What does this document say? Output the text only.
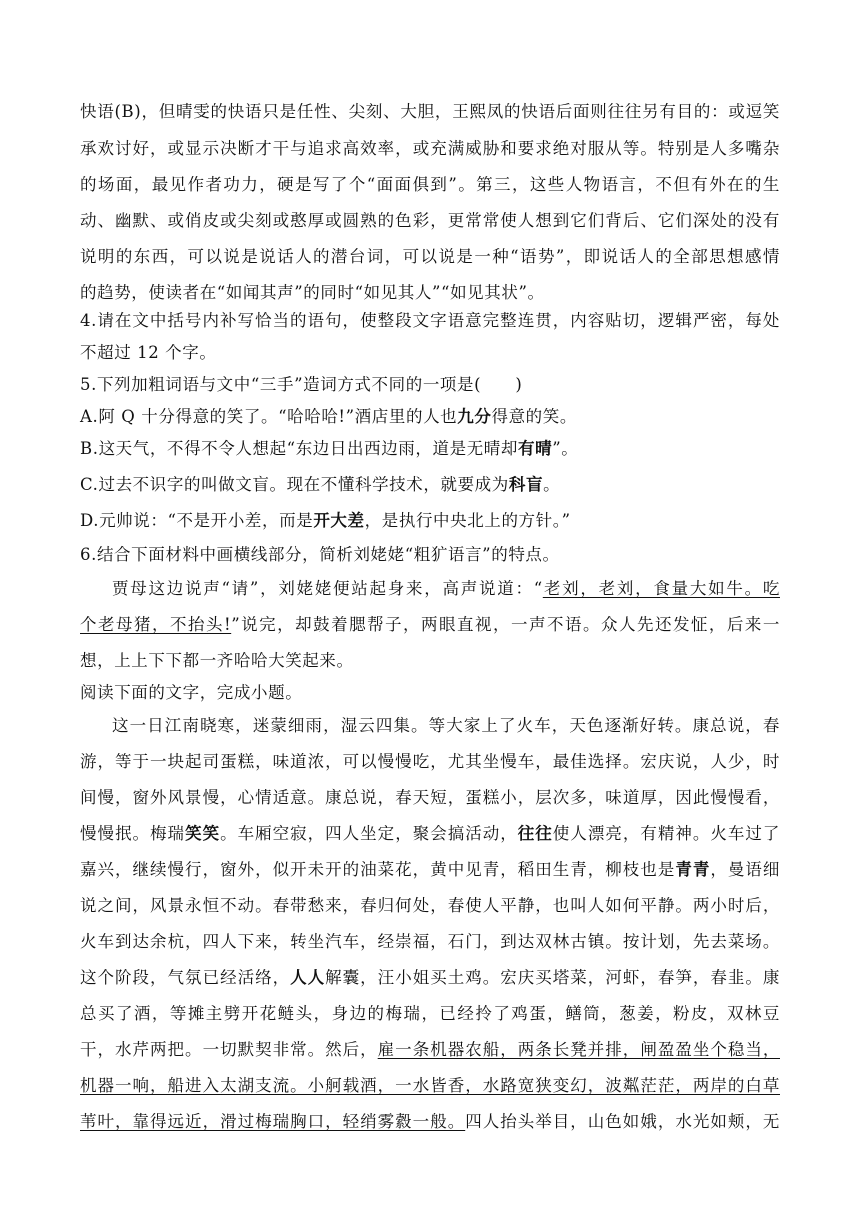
快语(B)，但晴雯的快语只是任性、尖刻、大胆，王熙凤的快语后面则往往另有目的：或逗笑
承欢讨好，或显示决断才干与追求高效率，或充满威胁和要求绝对服从等。特别是人多嘴杂
的场面，最见作者功力，硬是写了个“面面俱到”。第三，这些人物语言，不但有外在的生
动、幽默、或俏皮或尖刻或憨厚或圆熟的色彩，更常常使人想到它们背后、它们深处的没有
说明的东西，可以说是说话人的潜台词，可以说是一种“语势”，即说话人的全部思想感情
的趋势，使读者在“如闻其声”的同时“如见其人”“如见其状”。
4.请在文中括号内补写恰当的语句，使整段文字语意完整连贯，内容贴切，逻辑严密，每处
不超过 12 个字。
5.下列加粗词语与文中“三手”造词方式不同的一项是(　　)
A.阿 Q 十分得意的笑了。“哈哈哈!”酒店里的人也九分得意的笑。
B.这天气，不得不令人想起“东边日出西边雨，道是无晴却有晴”。
C.过去不识字的叫做文盲。现在不懂科学技术，就要成为科盲。
D.元帅说：“不是开小差，而是开大差，是执行中央北上的方针。”
6.结合下面材料中画横线部分，简析刘姥姥“粗犷语言”的特点。
贾母这边说声“请”，刘姥姥便站起身来，高声说道：“老刘，老刘，食量大如牛。吃
个老母猪，不抬头!”说完，却鼓着腮帮子，两眼直视，一声不语。众人先还发怔，后来一
想，上上下下都一齐哈哈大笑起来。
阅读下面的文字，完成小题。
这一日江南晓寒，迷蒙细雨，湿云四集。等大家上了火车，天色逐渐好转。康总说，春
游，等于一块起司蛋糕，味道浓，可以慢慢吃，尤其坐慢车，最佳选择。宏庆说，人少，时
间慢，窗外风景慢，心情适意。康总说，春天短，蛋糕小，层次多，味道厚，因此慢慢看，
慢慢抿。梅瑞笑笑。车厢空寂，四人坐定，聚会搞活动，往往使人漂亮，有精神。火车过了
嘉兴，继续慢行，窗外，似开未开的油菜花，黄中见青，稻田生青，柳枝也是青青，曼语细
说之间，风景永恒不动。春带愁来，春归何处，春使人平静，也叫人如何平静。两小时后，
火车到达余杭，四人下来，转坐汽车，经崇福，石门，到达双林古镇。按计划，先去菜场。
这个阶段，气氛已经活络，人人解囊，汪小姐买土鸡。宏庆买塔菜，河虾，春笋，春韭。康
总买了酒，等摊主劈开花鲢头，身边的梅瑞，已经拎了鸡蛋，鳝筒，葱姜，粉皮，双林豆
干，水芹两把。一切默契非常。然后，雇一条机器农船，两条长凳并排，闸盈盈坐个稳当，
机器一响，船进入太湖支流。小舸载酒，一水皆香，水路宽狭变幻，波粼茫茫，两岸的白草
苇叶，靠得远近，滑过梅瑞胸口，轻绡雾縠一般。四人抬头举目，山色如娥，水光如颊，无
